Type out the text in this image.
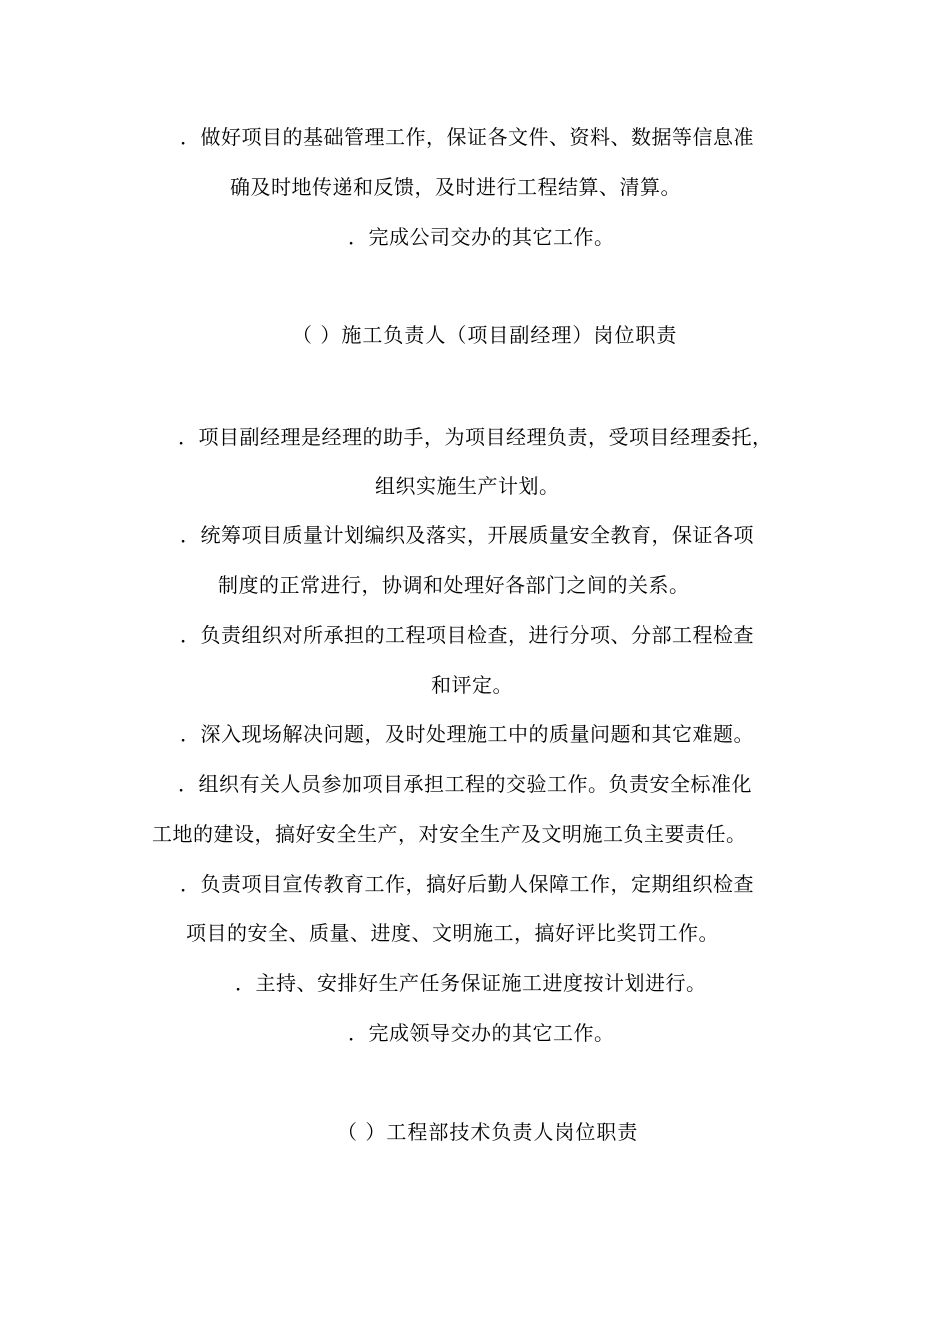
．做好项目的基础管理工作，保证各文件、资料、数据等信息准
确及时地传递和反馈，及时进行工程结算、清算。
．完成公司交办的其它工作。
（ ）施工负责人（项目副经理）岗位职责
．项目副经理是经理的助手，为项目经理负责，受项目经理委托，
组织实施生产计划。
．统筹项目质量计划编织及落实，开展质量安全教育，保证各项
制度的正常进行，协调和处理好各部门之间的关系。
．负责组织对所承担的工程项目检查，进行分项、分部工程检查
和评定。
．深入现场解决问题，及时处理施工中的质量问题和其它难题。
．组织有关人员参加项目承担工程的交验工作。负责安全标准化
工地的建设，搞好安全生产，对安全生产及文明施工负主要责任。
．负责项目宣传教育工作，搞好后勤人保障工作，定期组织检查
项目的安全、质量、进度、文明施工，搞好评比奖罚工作。
．主持、安排好生产任务保证施工进度按计划进行。
．完成领导交办的其它工作。
（ ）工程部技术负责人岗位职责
